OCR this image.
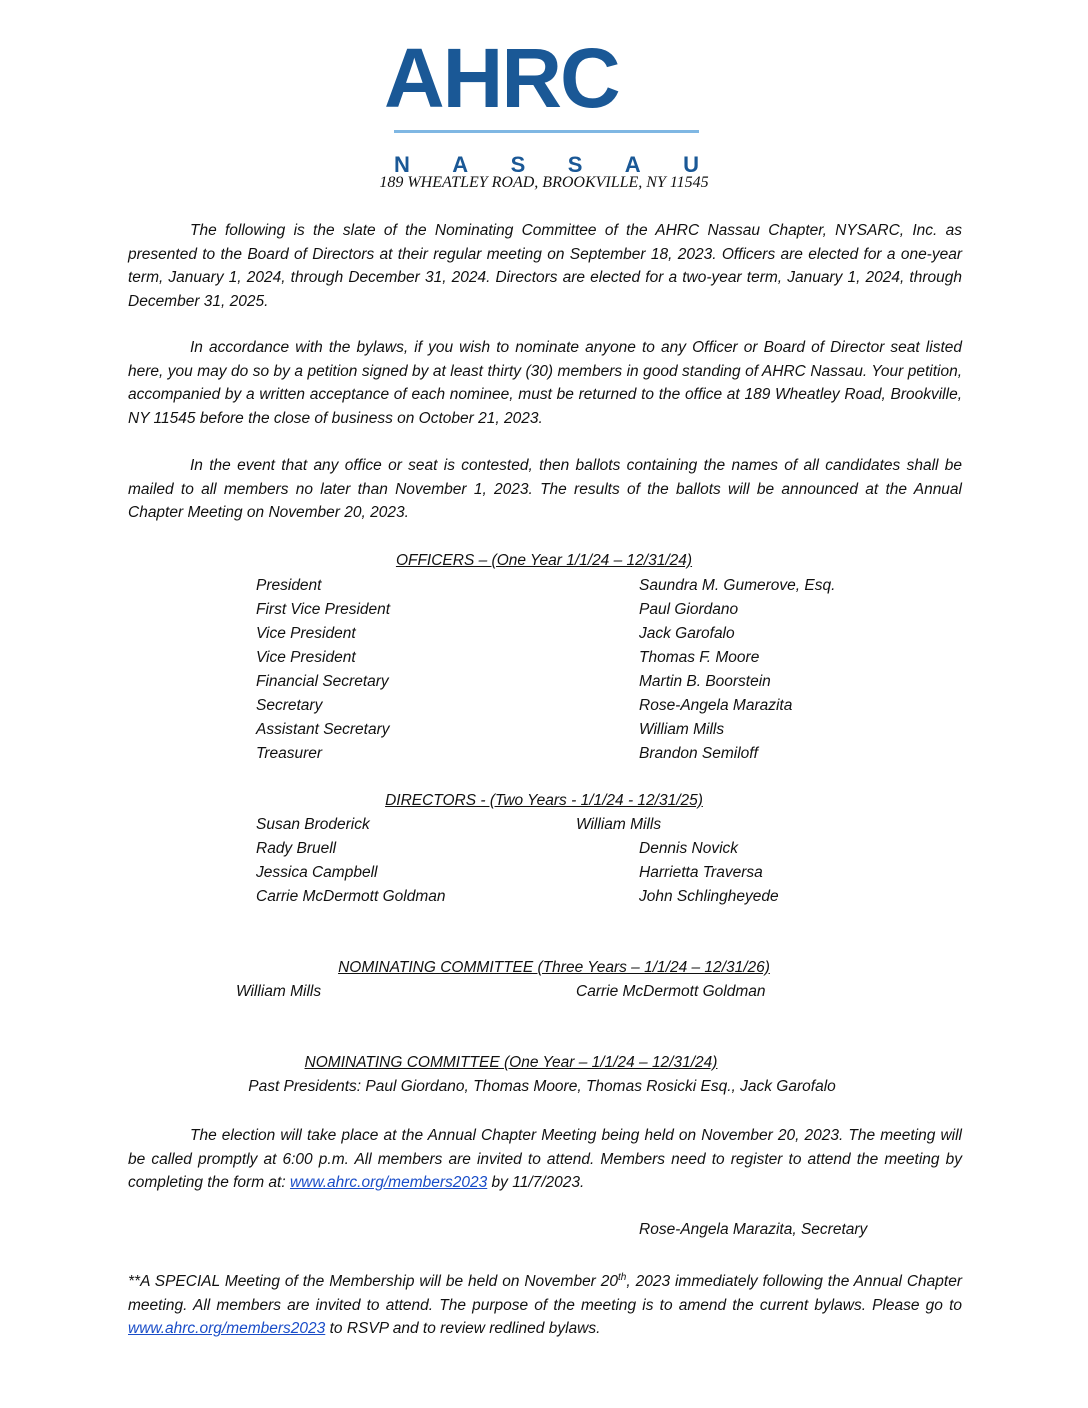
AHRC
N A S S A U
189 WHEATLEY ROAD, BROOKVILLE, NY 11545
The following is the slate of the Nominating Committee of the AHRC Nassau Chapter, NYSARC, Inc. as presented to the Board of Directors at their regular meeting on September 18, 2023. Officers are elected for a one-year term, January 1, 2024, through December 31, 2024. Directors are elected for a two-year term, January 1, 2024, through December 31, 2025.
In accordance with the bylaws, if you wish to nominate anyone to any Officer or Board of Director seat listed here, you may do so by a petition signed by at least thirty (30) members in good standing of AHRC Nassau. Your petition, accompanied by a written acceptance of each nominee, must be returned to the office at 189 Wheatley Road, Brookville, NY 11545 before the close of business on October 21, 2023.
In the event that any office or seat is contested, then ballots containing the names of all candidates shall be mailed to all members no later than November 1, 2023. The results of the ballots will be announced at the Annual Chapter Meeting on November 20, 2023.
OFFICERS – (One Year 1/1/24 – 12/31/24)
President	Saundra M. Gumerove, Esq.
First Vice President	Paul Giordano
Vice President	Jack Garofalo
Vice President	Thomas F. Moore
Financial Secretary	Martin B. Boorstein
Secretary	Rose-Angela Marazita
Assistant Secretary	William Mills
Treasurer	Brandon Semiloff
DIRECTORS - (Two Years - 1/1/24 - 12/31/25)
Susan Broderick	William Mills
Rady Bruell	Dennis Novick
Jessica Campbell	Harrietta Traversa
Carrie McDermott Goldman	John Schlingheyede
NOMINATING COMMITTEE (Three Years – 1/1/24 – 12/31/26)
William Mills	Carrie McDermott Goldman
NOMINATING COMMITTEE (One Year – 1/1/24 – 12/31/24)
Past Presidents: Paul Giordano, Thomas Moore, Thomas Rosicki Esq., Jack Garofalo
The election will take place at the Annual Chapter Meeting being held on November 20, 2023. The meeting will be called promptly at 6:00 p.m. All members are invited to attend. Members need to register to attend the meeting by completing the form at: www.ahrc.org/members2023 by 11/7/2023.
Rose-Angela Marazita, Secretary
**A SPECIAL Meeting of the Membership will be held on November 20th, 2023 immediately following the Annual Chapter meeting. All members are invited to attend. The purpose of the meeting is to amend the current bylaws. Please go to www.ahrc.org/members2023 to RSVP and to review redlined bylaws.
